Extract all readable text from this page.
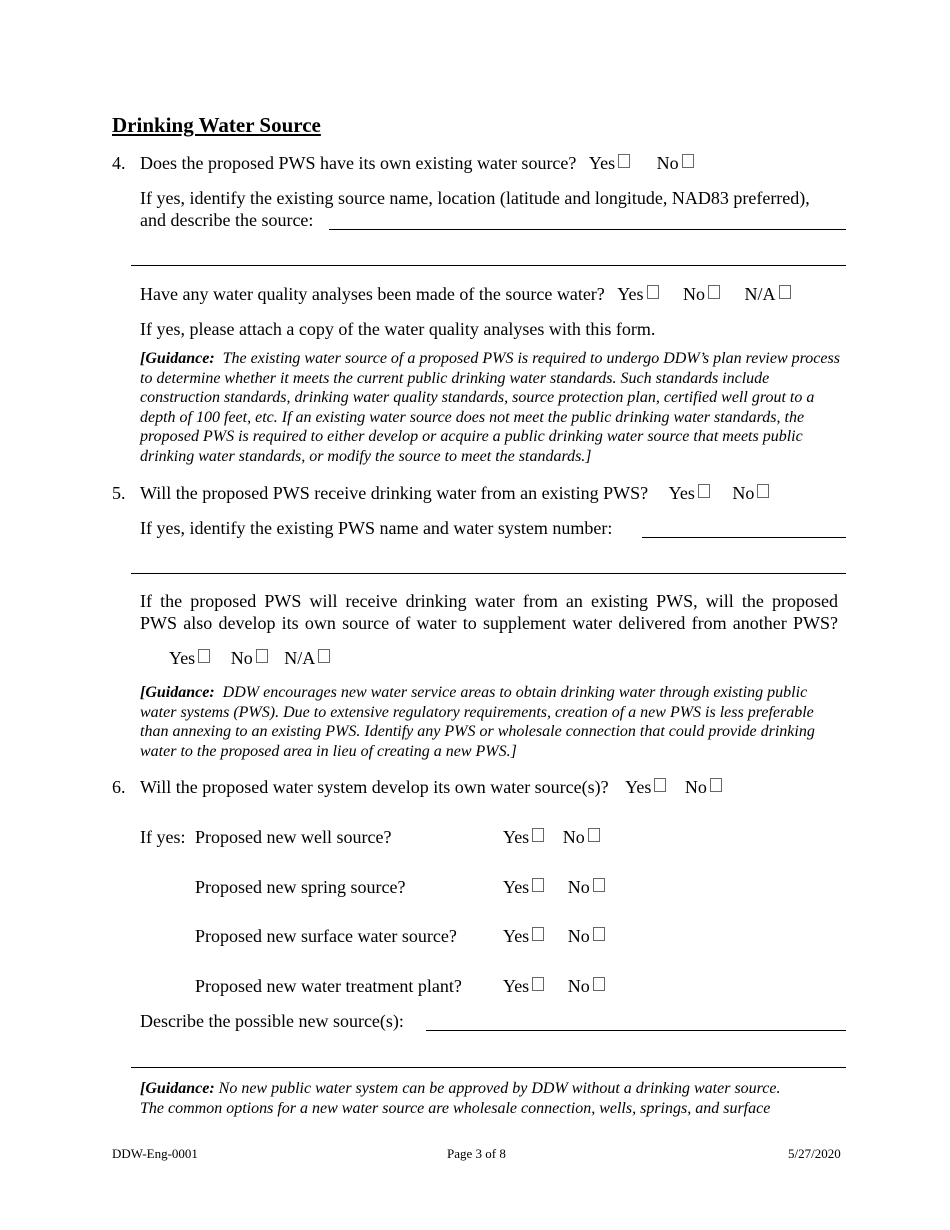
Drinking Water Source
4. Does the proposed PWS have its own existing water source? Yes No
If yes, identify the existing source name, location (latitude and longitude, NAD83 preferred),
and describe the source:
Have any water quality analyses been made of the source water? Yes No N/A
If yes, please attach a copy of the water quality analyses with this form.
[Guidance: The existing water source of a proposed PWS is required to undergo DDW’s plan review process to determine whether it meets the current public drinking water standards. Such standards include construction standards, drinking water quality standards, source protection plan, certified well grout to a depth of 100 feet, etc. If an existing water source does not meet the public drinking water standards, the proposed PWS is required to either develop or acquire a public drinking water source that meets public drinking water standards, or modify the source to meet the standards.]
5. Will the proposed PWS receive drinking water from an existing PWS? Yes No
If yes, identify the existing PWS name and water system number:
If the proposed PWS will receive drinking water from an existing PWS, will the proposed
PWS also develop its own source of water to supplement water delivered from another PWS?
Yes No N/A
[Guidance: DDW encourages new water service areas to obtain drinking water through existing public water systems (PWS). Due to extensive regulatory requirements, creation of a new PWS is less preferable than annexing to an existing PWS. Identify any PWS or wholesale connection that could provide drinking water to the proposed area in lieu of creating a new PWS.]
6. Will the proposed water system develop its own water source(s)? Yes No
If yes: Proposed new well source?	Yes No
Proposed new spring source?	Yes No
Proposed new surface water source?	Yes No
Proposed new water treatment plant? Yes No
Describe the possible new source(s):
[Guidance: No new public water system can be approved by DDW without a drinking water source.
The common options for a new water source are wholesale connection, wells, springs, and surface
DDW-Eng-0001	Page 3 of 8	5/27/2020
